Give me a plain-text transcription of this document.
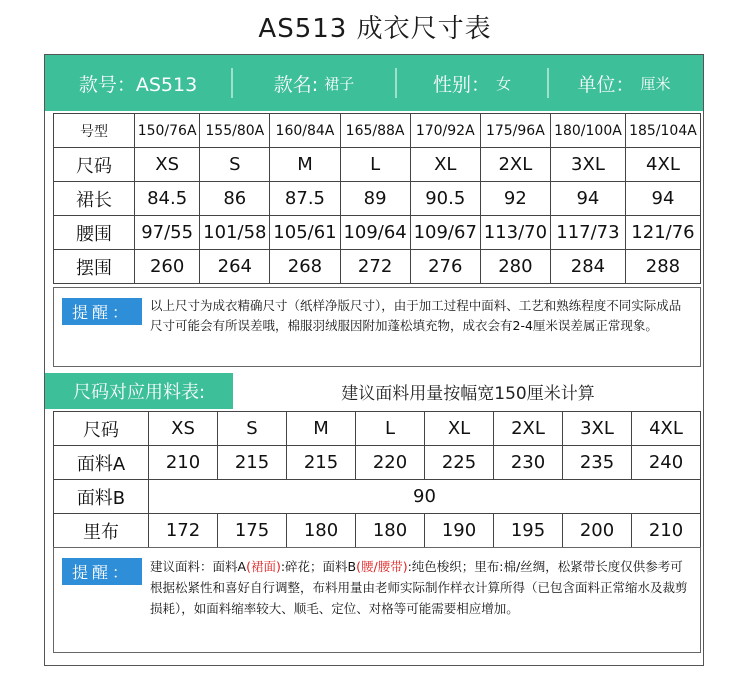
AS513 成衣尺寸表
款号：AS513	款名: 裙子	性别： 女	单位： 厘米
号型	150/76A	155/80A	160/84A	165/88A	170/92A	175/96A	180/100A	185/104A
尺码	XS	S	M	L	XL	2XL	3XL	4XL
裙长	84.5	86	87.5	89	90.5	92	94	94
腰围	97/55	101/58	105/61	109/64	109/67	113/70	117/73	121/76
摆围	260	264	268	272	276	280	284	288
提醒：	以上尺寸为成衣精确尺寸（纸样净版尺寸），由于加工过程中面料、工艺和熟练程度不同实际成品尺寸可能会有所误差哦，棉服羽绒服因附加蓬松填充物，成衣会有2-4厘米误差属正常现象。
尺码对应用料表:	建议面料用量按幅宽150厘米计算
尺码	XS	S	M	L	XL	2XL	3XL	4XL
面料A	210	215	215	220	225	230	235	240
面料B	90							
里布	172	175	180	180	190	195	200	210
提醒：	建议面料：面料A(裙面):碎花；面料B(腰/腰带):纯色梭织；里布:棉/丝绸，松紧带长度仅供参考可根据松紧性和喜好自行调整，布料用量由老师实际制作样衣计算所得（已包含面料正常缩水及裁剪损耗），如面料缩率较大、顺毛、定位、对格等可能需要相应增加。
